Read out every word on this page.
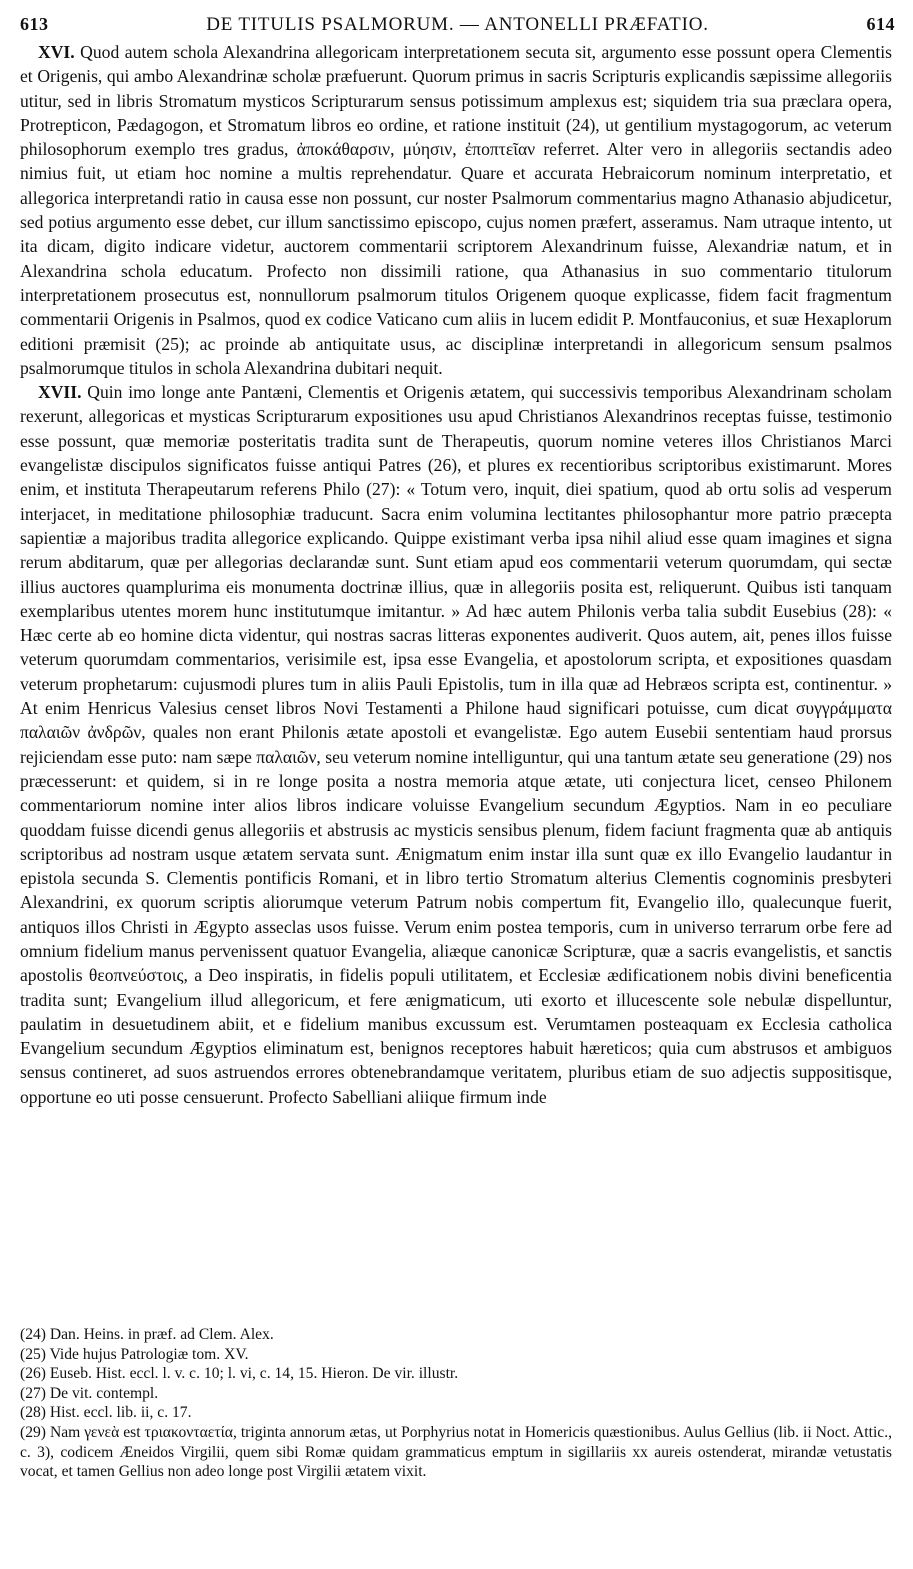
613	DE TITULIS PSALMORUM. — ANTONELLI PRÆFATIO.	614

XVI. Quod autem schola Alexandrina allegoricam interpretationem secuta sit, argumento esse possunt opera Clementis et Origenis, qui ambo Alexandrinæ scholæ præfuerunt. Quorum primus in sacris Scripturis explicandis sæpissime allegoriis utitur, sed in libris Stromatum mysticos Scripturarum sensus potissimum amplexus est; siquidem tria sua præclara opera, Protrepticon, Pædagogon, et Stromatum libros eo ordine, et ratione instituit (24), ut gentilium mystagogorum, ac veterum philosophorum exemplo tres gradus, ἀποκάθαρσιν, μύησιν, ἐποπτεῖαν referret. Alter vero in allegoriis sectandis adeo nimius fuit, ut etiam hoc nomine a multis reprehendatur. Quare et accurata Hebraicorum nominum interpretatio, et allegorica interpretandi ratio in causa esse non possunt, cur noster Psalmorum commentarius magno Athanasio abjudicetur, sed potius argumento esse debet, cur illum sanctissimo episcopo, cujus nomen præfert, asseramus. Nam utraque intento, ut ita dicam, digito indicare videtur, auctorem commentarii scriptorem Alexandrinum fuisse, Alexandriæ natum, et in Alexandrina schola educatum. Profecto non dissimili ratione, qua Athanasius in suo commentario titulorum interpretationem prosecutus est, nonnullorum psalmorum titulos Origenem quoque explicasse, fidem facit fragmentum commentarii Origenis in Psalmos, quod ex codice Vaticano cum aliis in lucem edidit P. Montfauconius, et suæ Hexaplorum editioni præmisit (25); ac proinde ab antiquitate usus, ac disciplinæ interpretandi in allegoricum sensum psalmos psalmorumque titulos in schola Alexandrina dubitari nequit.

XVII. Quin imo longe ante Pantæni, Clementis et Origenis ætatem, qui successivis temporibus Alexandrinam scholam rexerunt, allegoricas et mysticas Scripturarum expositiones usu apud Christianos Alexandrinos receptas fuisse, testimonio esse possunt, quæ memoriæ posteritatis tradita sunt de Therapeutis, quorum nomine veteres illos Christianos Marci evangelistæ discipulos significatos fuisse antiqui Patres (26), et plures ex recentioribus scriptoribus existimarunt. Mores enim, et instituta Therapeutarum referens Philo (27): « Totum vero, inquit, diei spatium, quod ab ortu solis ad vesperum interjacet, in meditatione philosophiæ traducunt. Sacra enim volumina lectitantes philosophantur more patrio præcepta sapientiæ a majoribus tradita allegorice explicando. Quippe existimant verba ipsa nihil aliud esse quam imagines et signa rerum abditarum, quæ per allegorias declarandæ sunt. Sunt etiam apud eos commentarii veterum quorumdam, qui sectæ illius auctores quamplurima eis monumenta doctrinæ illius, quæ in allegoriis posita est, reliquerunt. Quibus isti tanquam exemplaribus utentes morem hunc institutumque imitantur. » Ad hæc autem Philonis verba talia subdit Eusebius (28): « Hæc certe ab eo homine dicta videntur, qui nostras sacras litteras exponentes audiverit. Quos autem, ait, penes illos fuisse veterum quorumdam commentarios, verisimile est, ipsa esse Evangelia, et apostolorum scripta, et expositiones quasdam veterum prophetarum: cujusmodi plures tum in aliis Pauli Epistolis, tum in illa quæ ad Hebræos scripta est, continentur. » At enim Henricus Valesius censet libros Novi Testamenti a Philone haud significari potuisse, cum dicat συγγράμματα παλαιῶν ἀνδρῶν, quales non erant Philonis ætate apostoli et evangelistæ. Ego autem Eusebii sententiam haud prorsus rejiciendam esse puto: nam sæpe παλαιῶν, seu veterum nomine intelliguntur, qui una tantum ætate seu generatione (29) nos præcesserunt: et quidem, si in re longe posita a nostra memoria atque ætate, uti conjectura licet, censeo Philonem commentariorum nomine inter alios libros indicare voluisse Evangelium secundum Ægyptios. Nam in eo peculiare quoddam fuisse dicendi genus allegoriis et abstrusis ac mysticis sensibus plenum, fidem faciunt fragmenta quæ ab antiquis scriptoribus ad nostram usque ætatem servata sunt. Ænigmatum enim instar illa sunt quæ ex illo Evangelio laudantur in epistola secunda S. Clementis pontificis Romani, et in libro tertio Stromatum alterius Clementis cognominis presbyteri Alexandrini, ex quorum scriptis aliorumque veterum Patrum nobis compertum fit, Evangelio illo, qualecunque fuerit, antiquos illos Christi in Ægypto asseclas usos fuisse. Verum enim postea temporis, cum in universo terrarum orbe fere ad omnium fidelium manus pervenissent quatuor Evangelia, aliæque canonicæ Scripturæ, quæ a sacris evangelistis, et sanctis apostolis θεοπνεύστοις, a Deo inspiratis, in fidelis populi utilitatem, et Ecclesiæ ædificationem nobis divini beneficentia tradita sunt; Evangelium illud allegoricum, et fere ænigmaticum, uti exorto et illucescente sole nebulæ dispelluntur, paulatim in desuetudinem abiit, et e fidelium manibus excussum est. Verumtamen posteaquam ex Ecclesia catholica Evangelium secundum Ægyptios eliminatum est, benignos receptores habuit hæreticos; quia cum abstrusos et ambiguos sensus contineret, ad suos astruendos errores obtenebrandamque veritatem, pluribus etiam de suo adjectis suppositisque, opportune eo uti posse censuerunt. Profecto Sabelliani aliique firmum inde

(24) Dan. Heins. in præf. ad Clem. Alex.

(25) Vide hujus Patrologiæ tom. XV.

(26) Euseb. Hist. eccl. l. v. c. 10; l. vi, c. 14, 15. Hieron. De vir. illustr.

(27) De vit. contempl.

(28) Hist. eccl. lib. ii, c. 17.

(29) Nam γενεὰ est τριακονταετία, triginta annorum ætas, ut Porphyrius notat in Homericis quæstionibus. Aulus Gellius (lib. ii Noct. Attic., c. 3), codicem Æneidos Virgilii, quem sibi Romæ quidam grammaticus emptum in sigillariis xx aureis ostenderat, mirandæ vetustatis vocat, et tamen Gellius non adeo longe post Virgilii ætatem vixit.
